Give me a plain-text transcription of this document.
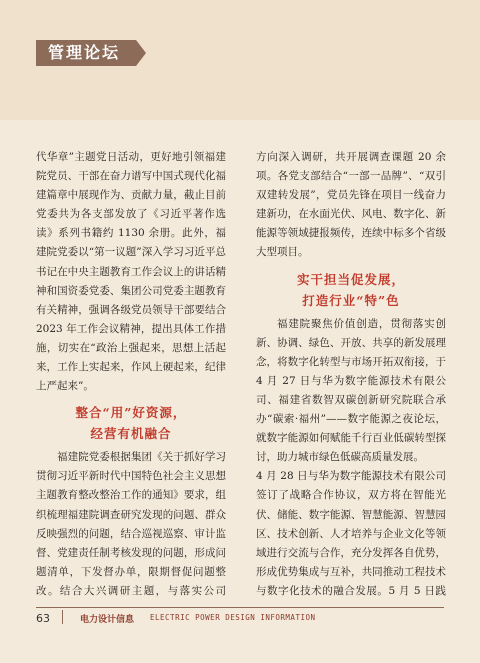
管理论坛

代华章”主题党日活动，更好地引领福建院党员、干部在奋力谱写中国式现代化福建篇章中展现作为、贡献力量，截止目前党委共为各支部发放了《习近平著作选读》系列书籍约 1130 余册。此外，福建院党委以“第一议题”深入学习习近平总书记在中央主题教育工作会议上的讲话精神和国资委党委、集团公司党委主题教育有关精神，强调各级党员领导干部要结合 2023 年工作会议精神，提出具体工作措施，切实在“政治上强起来，思想上活起来，工作上实起来，作风上硬起来，纪律上严起来”。

整合“用”好资源，
经营有机融合

福建院党委根据集团《关于抓好学习贯彻习近平新时代中国特色社会主义思想主题教育整改整治工作的通知》要求，组织梳理福建院调查研究发现的问题、群众反映强烈的问题，结合巡视巡察、审计监督、党建责任制考核发现的问题，形成问题清单，下发督办单，限期督促问题整改。结合大兴调研主题，与落实公司

方向深入调研，共开展调查课题 20 余项。各党支部结合“一部一品牌”、“双引双建转发展”，党员先锋在项目一线奋力建新功，在水面光伏、风电、数字化、新能源等领域捷报频传，连续中标多个省级大型项目。

实干担当促发展，
打造行业“特”色

福建院聚焦价值创造，贯彻落实创新、协调、绿色、开放、共享的新发展理念，将数字化转型与市场开拓双衔接，于 4 月 27 日与华为数字能源技术有限公司、福建省数智双碳创新研究院联合承办“碳索·福州”——数字能源之夜论坛，就数字能源如何赋能千行百业低碳转型探讨，助力城市绿色低碳高质量发展。

4 月 28 日与华为数字能源技术有限公司签订了战略合作协议，双方将在智能光伏、储能、数字能源、智慧能源、智慧园区、技术创新、人才培养与企业文化等领域进行交流与合作，充分发挥各自优势，形成优势集成与互补，共同推动工程技术与数字化技术的融合发展。5 月 5 日践

63	电力设计信息 ELECTRIC POWER DESIGN INFORMATION
